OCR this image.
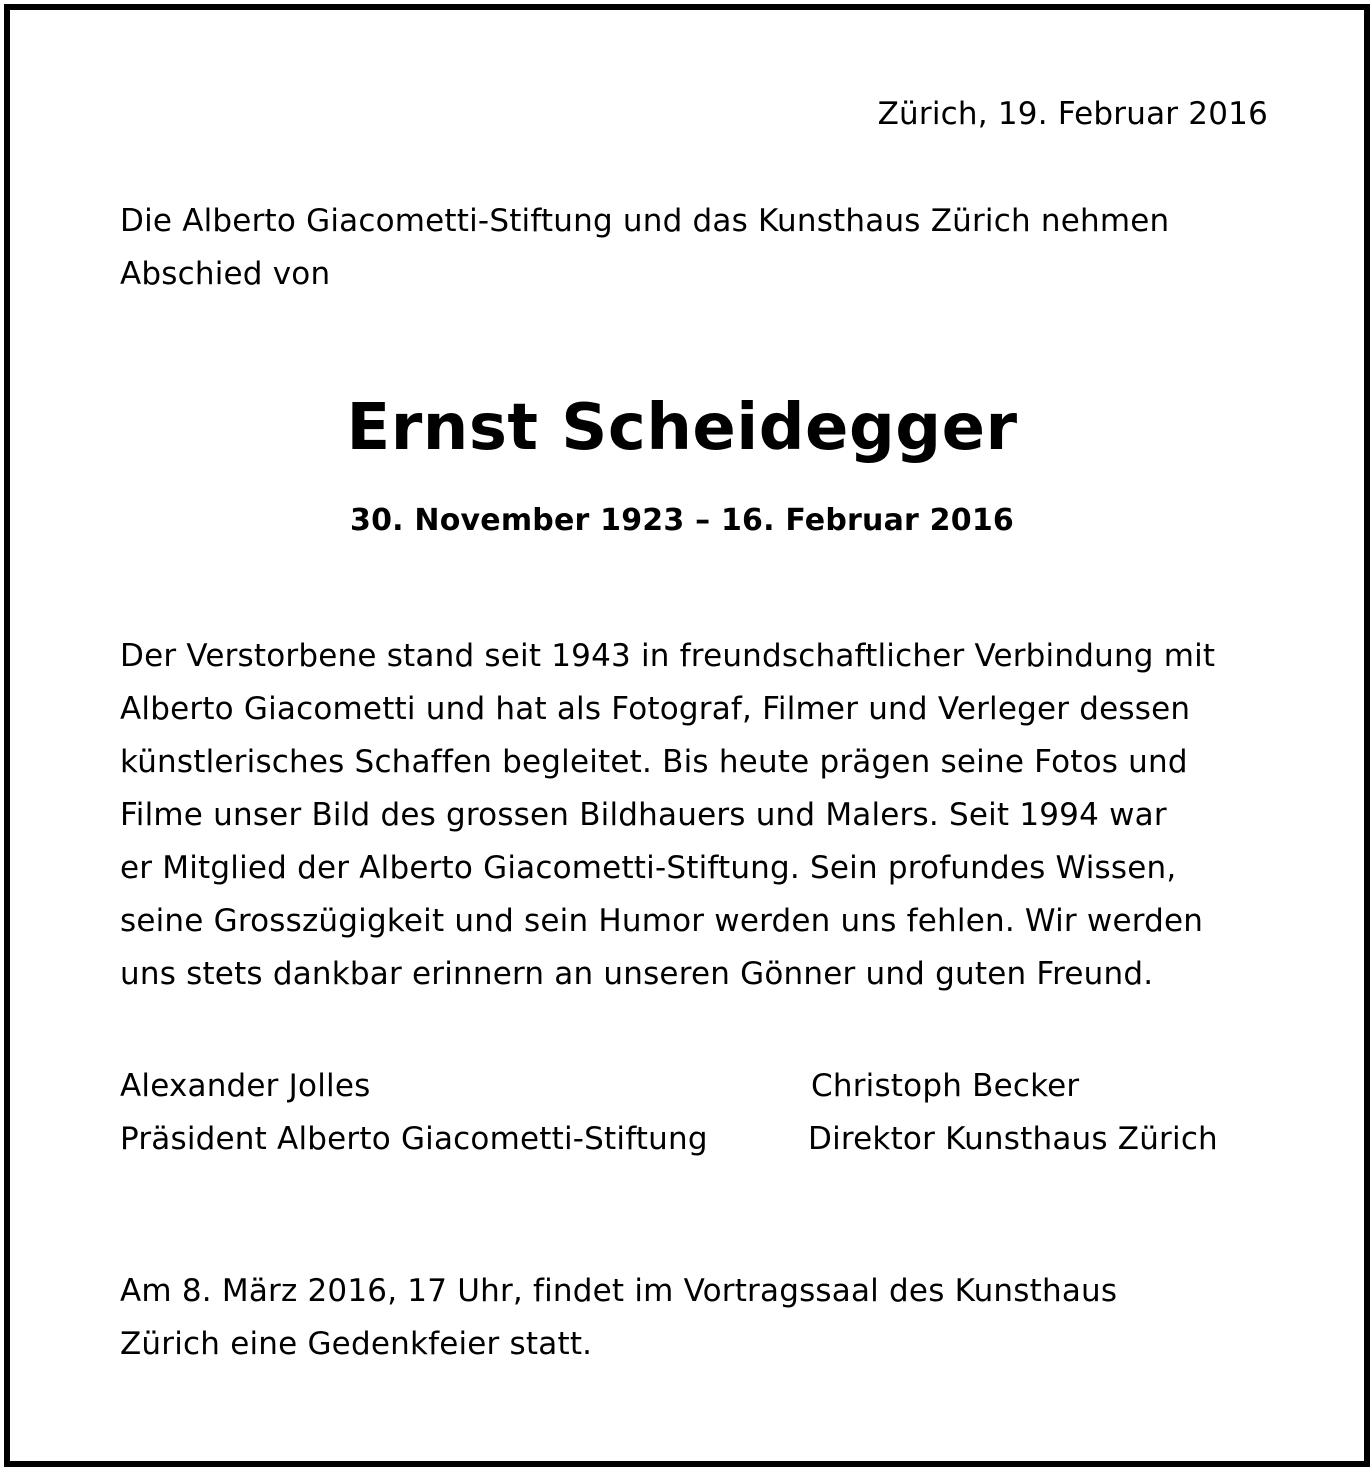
Zürich, 19. Februar 2016

Die Alberto Giacometti-Stiftung und das Kunsthaus Zürich nehmen
Abschied von

Ernst Scheidegger

30. November 1923 – 16. Februar 2016

Der Verstorbene stand seit 1943 in freundschaftlicher Verbindung mit
Alberto Giacometti und hat als Fotograf, Filmer und Verleger dessen
künstlerisches Schaffen begleitet. Bis heute prägen seine Fotos und
Filme unser Bild des grossen Bildhauers und Malers. Seit 1994 war
er Mitglied der Alberto Giacometti-Stiftung. Sein profundes Wissen,
seine Grosszügigkeit und sein Humor werden uns fehlen. Wir werden
uns stets dankbar erinnern an unseren Gönner und guten Freund.

Alexander Jolles

Präsident Alberto Giacometti-Stiftung

Christoph Becker

Direktor Kunsthaus Zürich

Am 8. März 2016, 17 Uhr, findet im Vortragssaal des Kunsthaus
Zürich eine Gedenkfeier statt.
